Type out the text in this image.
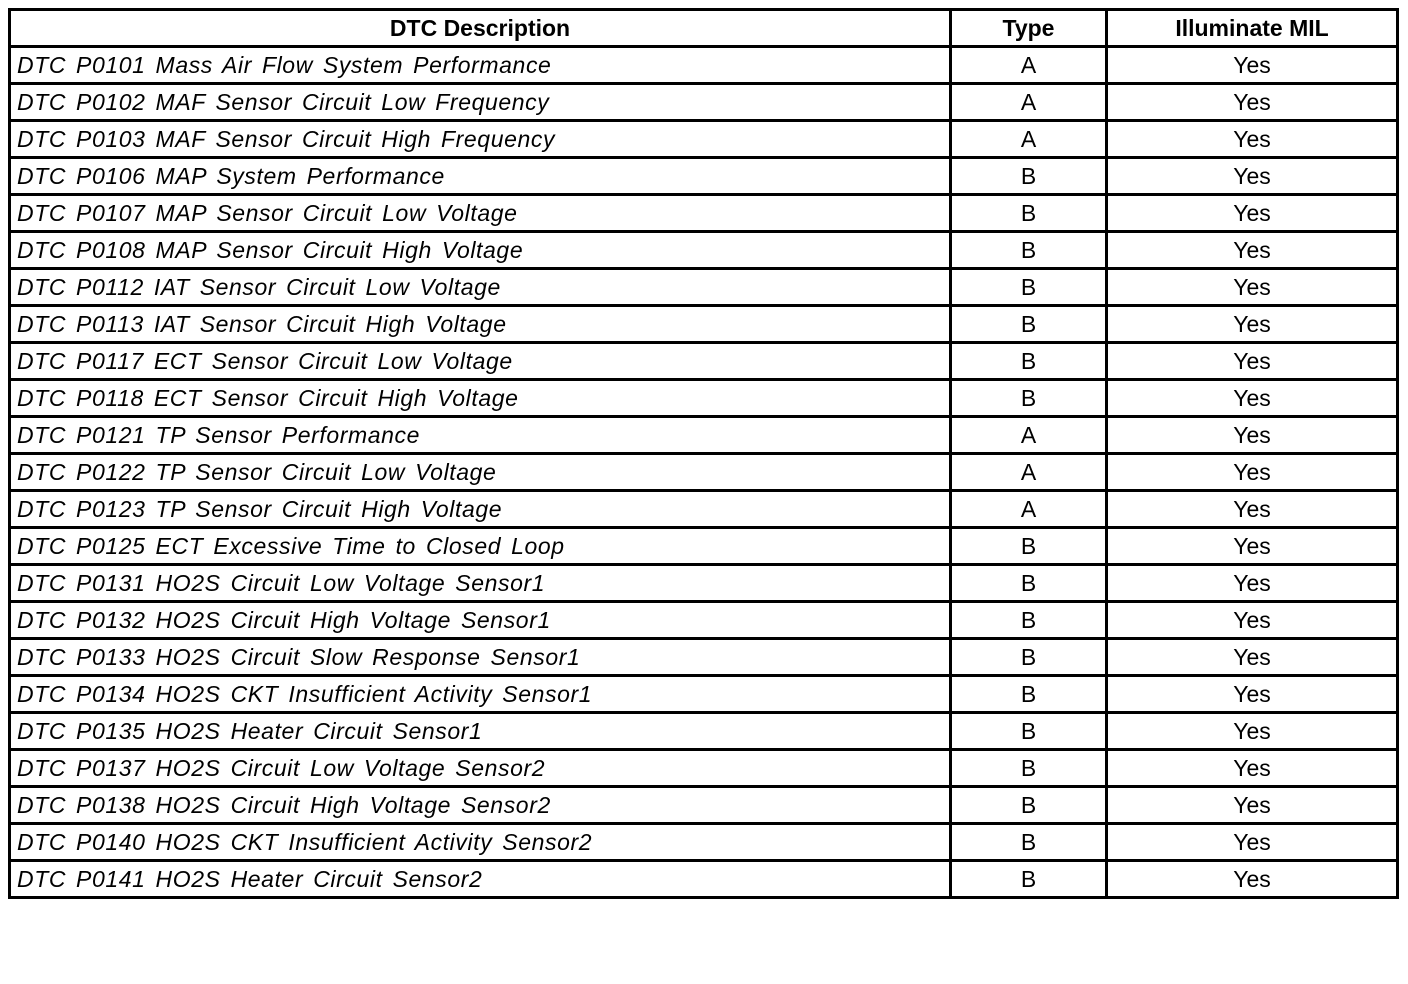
DTC Description	Type	Illuminate MIL
DTC P0101 Mass Air Flow System Performance	A	Yes
DTC P0102 MAF Sensor Circuit Low Frequency	A	Yes
DTC P0103 MAF Sensor Circuit High Frequency	A	Yes
DTC P0106 MAP System Performance	B	Yes
DTC P0107 MAP Sensor Circuit Low Voltage	B	Yes
DTC P0108 MAP Sensor Circuit High Voltage	B	Yes
DTC P0112 IAT Sensor Circuit Low Voltage	B	Yes
DTC P0113 IAT Sensor Circuit High Voltage	B	Yes
DTC P0117 ECT Sensor Circuit Low Voltage	B	Yes
DTC P0118 ECT Sensor Circuit High Voltage	B	Yes
DTC P0121 TP Sensor Performance	A	Yes
DTC P0122 TP Sensor Circuit Low Voltage	A	Yes
DTC P0123 TP Sensor Circuit High Voltage	A	Yes
DTC P0125 ECT Excessive Time to Closed Loop	B	Yes
DTC P0131 HO2S Circuit Low Voltage Sensor1	B	Yes
DTC P0132 HO2S Circuit High Voltage Sensor1	B	Yes
DTC P0133 HO2S Circuit Slow Response Sensor1	B	Yes
DTC P0134 HO2S CKT Insufficient Activity Sensor1	B	Yes
DTC P0135 HO2S Heater Circuit Sensor1	B	Yes
DTC P0137 HO2S Circuit Low Voltage Sensor2	B	Yes
DTC P0138 HO2S Circuit High Voltage Sensor2	B	Yes
DTC P0140 HO2S CKT Insufficient Activity Sensor2	B	Yes
DTC P0141 HO2S Heater Circuit Sensor2	B	Yes
